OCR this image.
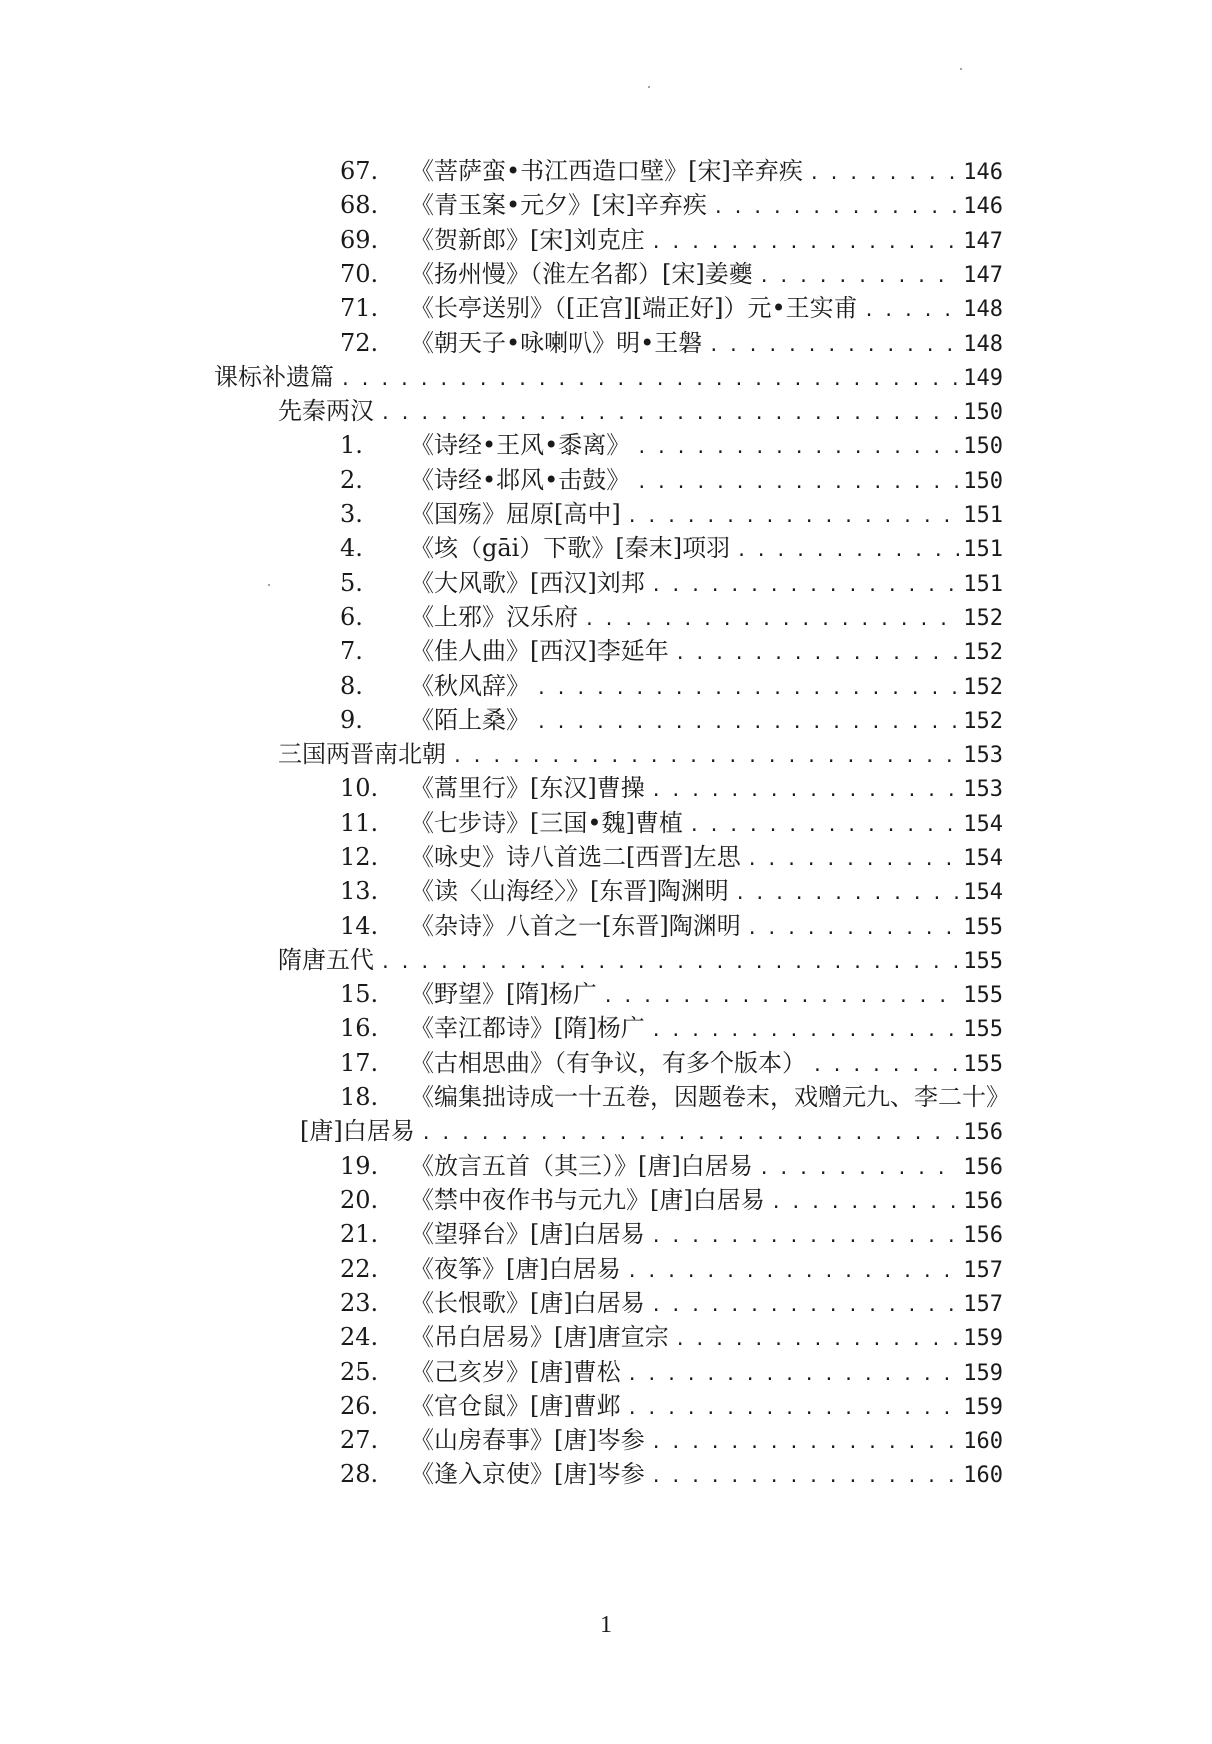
67.	《菩萨蛮•书江西造口壁》[宋]辛弃疾 . . .	146
68.	《青玉案•元夕》[宋]辛弃疾 . . .	146
69.	《贺新郎》[宋]刘克庄 . . .	147
70.	《扬州慢》（淮左名都）[宋]姜夔 . . .	147
71.	《长亭送别》（[正宫][端正好]）元•王实甫 . . .	148
72.	《朝天子•咏喇叭》明•王磐 . . .	148
课标补遗篇 . . .	149
先秦两汉 . . .	150
1.	《诗经•王风•黍离》 . . .	150
2.	《诗经•邶风•击鼓》 . . .	150
3.	《国殇》屈原[高中] . . .	151
4.	《垓（gāi）下歌》[秦末]项羽 . . .	151
5.	《大风歌》[西汉]刘邦 . . .	151
6.	《上邪》汉乐府 . . .	152
7.	《佳人曲》[西汉]李延年 . . .	152
8.	《秋风辞》 . . .	152
9.	《陌上桑》 . . .	152
三国两晋南北朝 . . .	153
10.	《蒿里行》[东汉]曹操 . . .	153
11.	《七步诗》[三国•魏]曹植 . . .	154
12.	《咏史》诗八首选二[西晋]左思 . . .	154
13.	《读〈山海经〉》[东晋]陶渊明 . . .	154
14.	《杂诗》八首之一[东晋]陶渊明 . . .	155
隋唐五代 . . .	155
15.	《野望》[隋]杨广 . . .	155
16.	《幸江都诗》[隋]杨广 . . .	155
17.	《古相思曲》（有争议，有多个版本） . . .	155
18.	《编集拙诗成一十五卷，因题卷末，戏赠元九、李二十》
[唐]白居易 . . .	156
19.	《放言五首（其三）》[唐]白居易 . . .	156
20.	《禁中夜作书与元九》[唐]白居易 . . .	156
21.	《望驿台》[唐]白居易 . . .	156
22.	《夜筝》[唐]白居易 . . .	157
23.	《长恨歌》[唐]白居易 . . .	157
24.	《吊白居易》[唐]唐宣宗 . . .	159
25.	《己亥岁》[唐]曹松 . . .	159
26.	《官仓鼠》[唐]曹邺 . . .	159
27.	《山房春事》[唐]岑参 . . .	160
28.	《逢入京使》[唐]岑参 . . .	160
1
